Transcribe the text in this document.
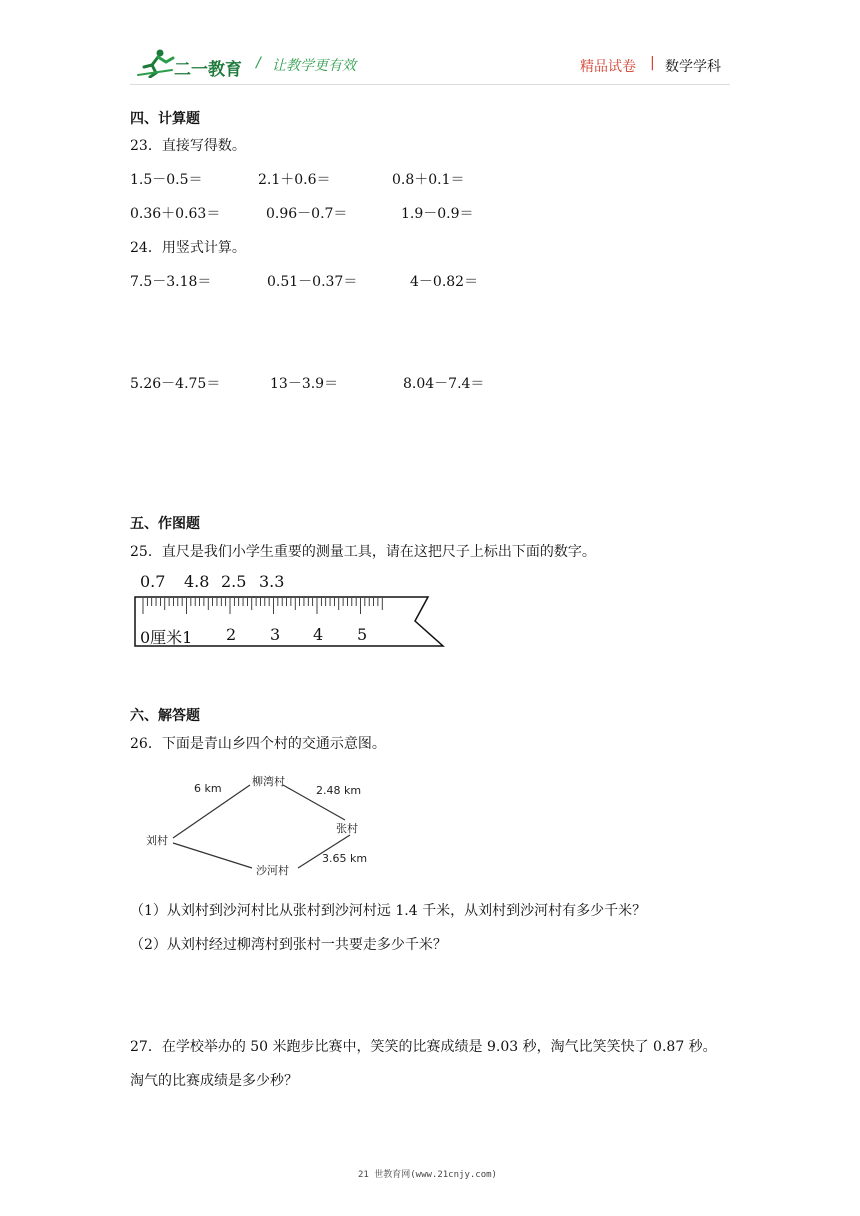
二一教育 / 让教学更有效	精品试卷 | 数学学科
四、计算题
23．直接写得数。
1.5－0.5＝	2.1＋0.6＝	0.8＋0.1＝
0.36＋0.63＝	0.96－0.7＝	1.9－0.9＝
24．用竖式计算。
7.5－3.18＝	0.51－0.37＝	4－0.82＝
5.26－4.75＝	13－3.9＝	8.04－7.4＝
五、作图题
25．直尺是我们小学生重要的测量工具，请在这把尺子上标出下面的数字。
0.7 4.8 2.5 3.3
0厘米1 2 3 4 5
六、解答题
26．下面是青山乡四个村的交通示意图。
刘村
柳湾村
张村
沙河村
6 km	2.48 km
3.65 km
（1）从刘村到沙河村比从张村到沙河村远 1.4 千米，从刘村到沙河村有多少千米？
（2）从刘村经过柳湾村到张村一共要走多少千米？
27．在学校举办的 50 米跑步比赛中，笑笑的比赛成绩是 9.03 秒，淘气比笑笑快了 0.87 秒。
淘气的比赛成绩是多少秒？
21 世教育网(www.21cnjy.com)
